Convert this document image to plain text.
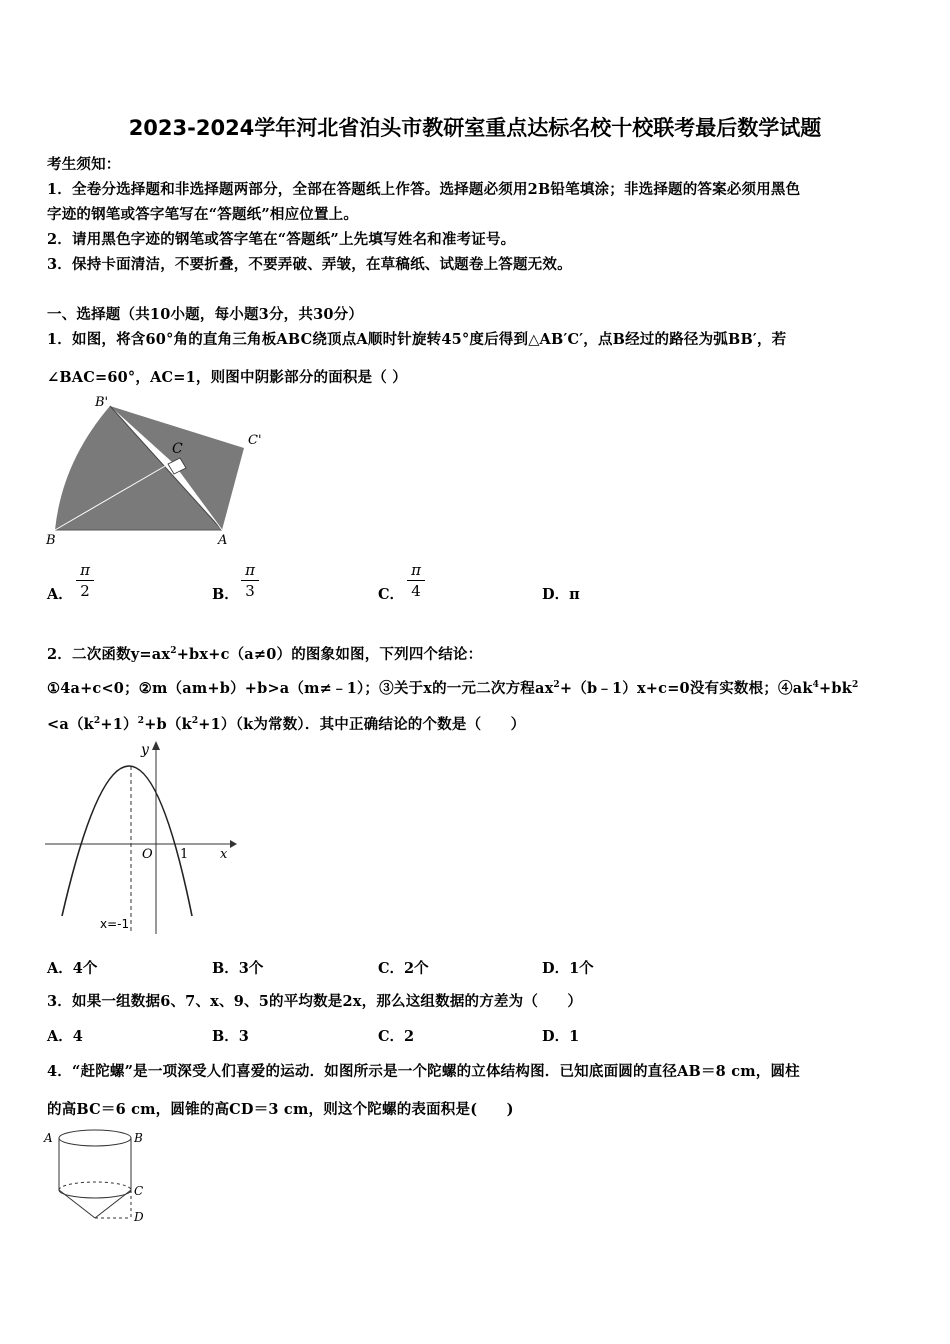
2023-2024学年河北省泊头市教研室重点达标名校十校联考最后数学试题
考生须知：
1．全卷分选择题和非选择题两部分，全部在答题纸上作答。选择题必须用2B铅笔填涂；非选择题的答案必须用黑色
字迹的钢笔或答字笔写在“答题纸”相应位置上。
2．请用黑色字迹的钢笔或答字笔在“答题纸”上先填写姓名和准考证号。
3．保持卡面清洁，不要折叠，不要弄破、弄皱，在草稿纸、试题卷上答题无效。
一、选择题（共10小题，每小题3分，共30分）
1．如图，将含60°角的直角三角板ABC绕顶点A顺时针旋转45°度后得到△AB′C′，点B经过的路径为弧BB′，若
∠BAC=60°，AC=1，则图中阴影部分的面积是（ ）
B'
C'
C
B	A
A． $\frac{\pi}{2}$	B． $\frac{\pi}{3}$	C． $\frac{\pi}{4}$	D．π
2．二次函数$y=ax^2+bx+c(a\ne 0)$的图象如图，下列四个结论：
①4a+c<0；②m（am+b）+b>a（m≠﹣1）；③关于x的一元二次方程$ax^2+(b﹣1)x+c=0$没有实数根；$④ak^4+bk^2$
$<a(k^2+1)^2+b(k^2+1)(k$为常数）．其中正确结论的个数是（　　）
y
O 1 x
x=-1
A．4个	B．3个	C．2个	D．1个
3．如果一组数据6、7、x、9、5的平均数是2x，那么这组数据的方差为（　　）
A．4	B．3	C．2	D．1
4．“赶陀螺”是一项深受人们喜爱的运动．如图所示是一个陀螺的立体结构图．已知底面圆的直径AB＝8 cm，圆柱
的高BC＝6 cm，圆锥的高CD＝3 cm，则这个陀螺的表面积是(　　)
A	B
C
D
